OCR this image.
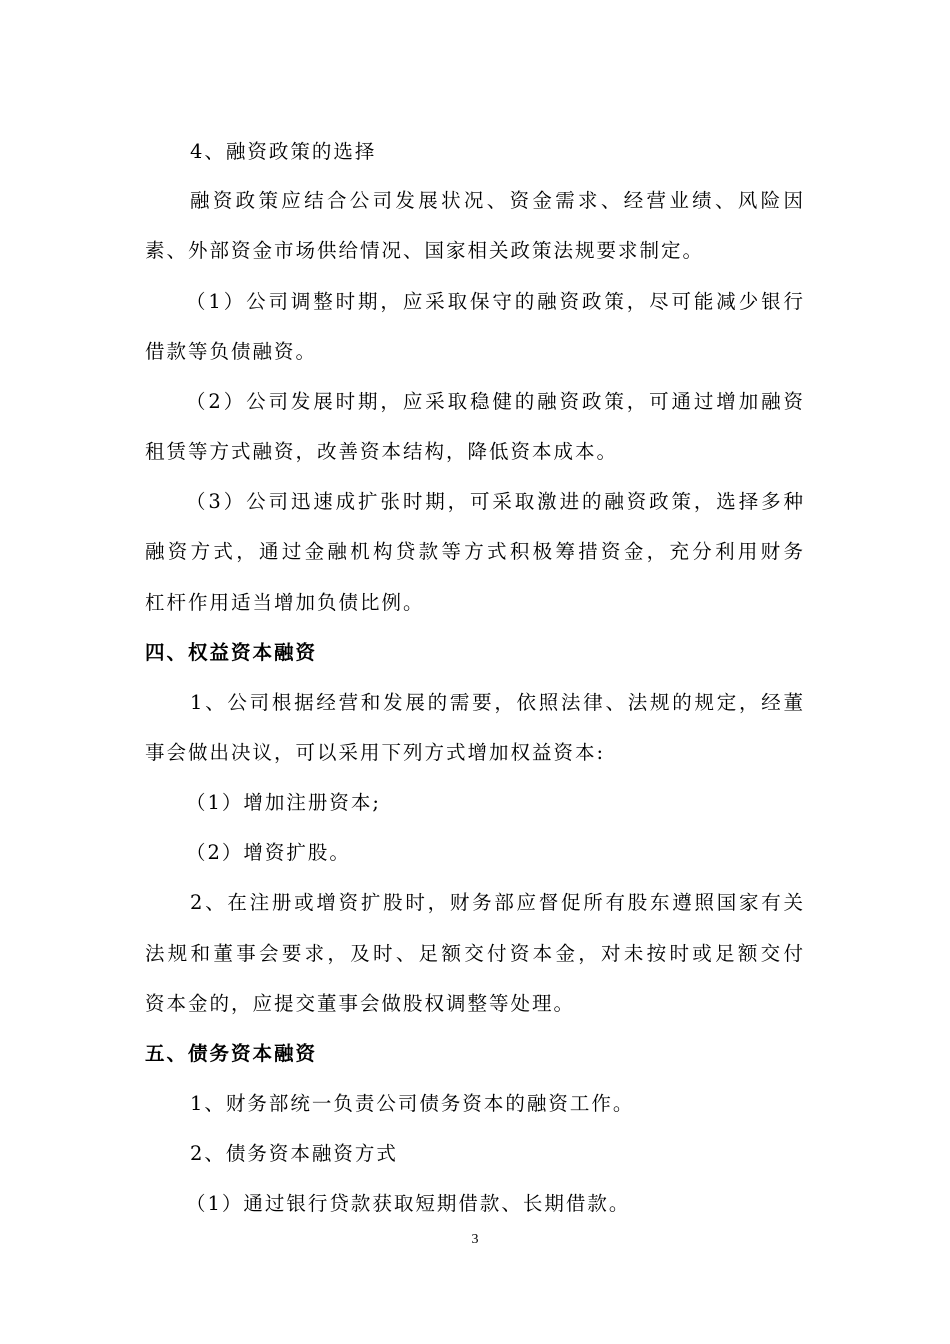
4、融资政策的选择
融资政策应结合公司发展状况、资金需求、经营业绩、风险因
素、外部资金市场供给情况、国家相关政策法规要求制定。
（1）公司调整时期，应采取保守的融资政策，尽可能减少银行
借款等负债融资。
（2）公司发展时期，应采取稳健的融资政策，可通过增加融资
租赁等方式融资，改善资本结构，降低资本成本。
（3）公司迅速成扩张时期，可采取激进的融资政策，选择多种
融资方式，通过金融机构贷款等方式积极筹措资金，充分利用财务
杠杆作用适当增加负债比例。
四、权益资本融资
1、公司根据经营和发展的需要，依照法律、法规的规定，经董
事会做出决议，可以采用下列方式增加权益资本:
（1）增加注册资本;
（2）增资扩股。
2、在注册或增资扩股时，财务部应督促所有股东遵照国家有关
法规和董事会要求，及时、足额交付资本金，对未按时或足额交付
资本金的，应提交董事会做股权调整等处理。
五、债务资本融资
1、财务部统一负责公司债务资本的融资工作。
2、债务资本融资方式
（1）通过银行贷款获取短期借款、长期借款。
3
